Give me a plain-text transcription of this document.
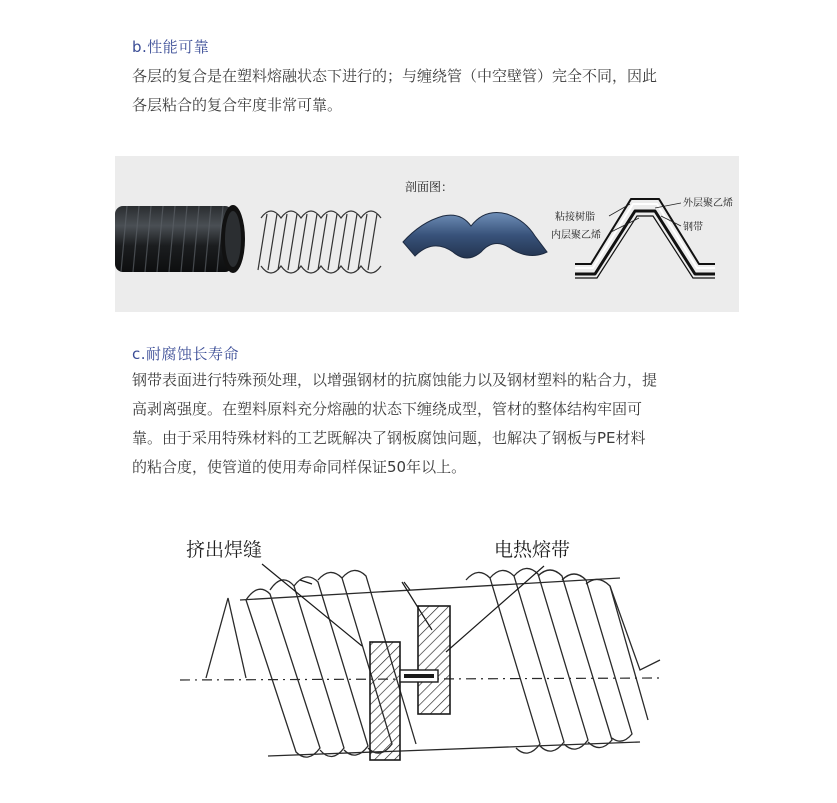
b.性能可靠

各层的复合是在塑料熔融状态下进行的；与缠绕管（中空壁管）完全不同，因此

各层粘合的复合牢度非常可靠。

剖面图：
外层聚乙烯
粘接树脂
钢带
内层聚乙烯
c.耐腐蚀长寿命

钢带表面进行特殊预处理，以增强钢材的抗腐蚀能力以及钢材塑料的粘合力，提

高剥离强度。在塑料原料充分熔融的状态下缠绕成型，管材的整体结构牢固可

靠。由于采用特殊材料的工艺既解决了钢板腐蚀问题，也解决了钢板与PE材料

的粘合度，使管道的使用寿命同样保证50年以上。

挤出焊缝	电热熔带
